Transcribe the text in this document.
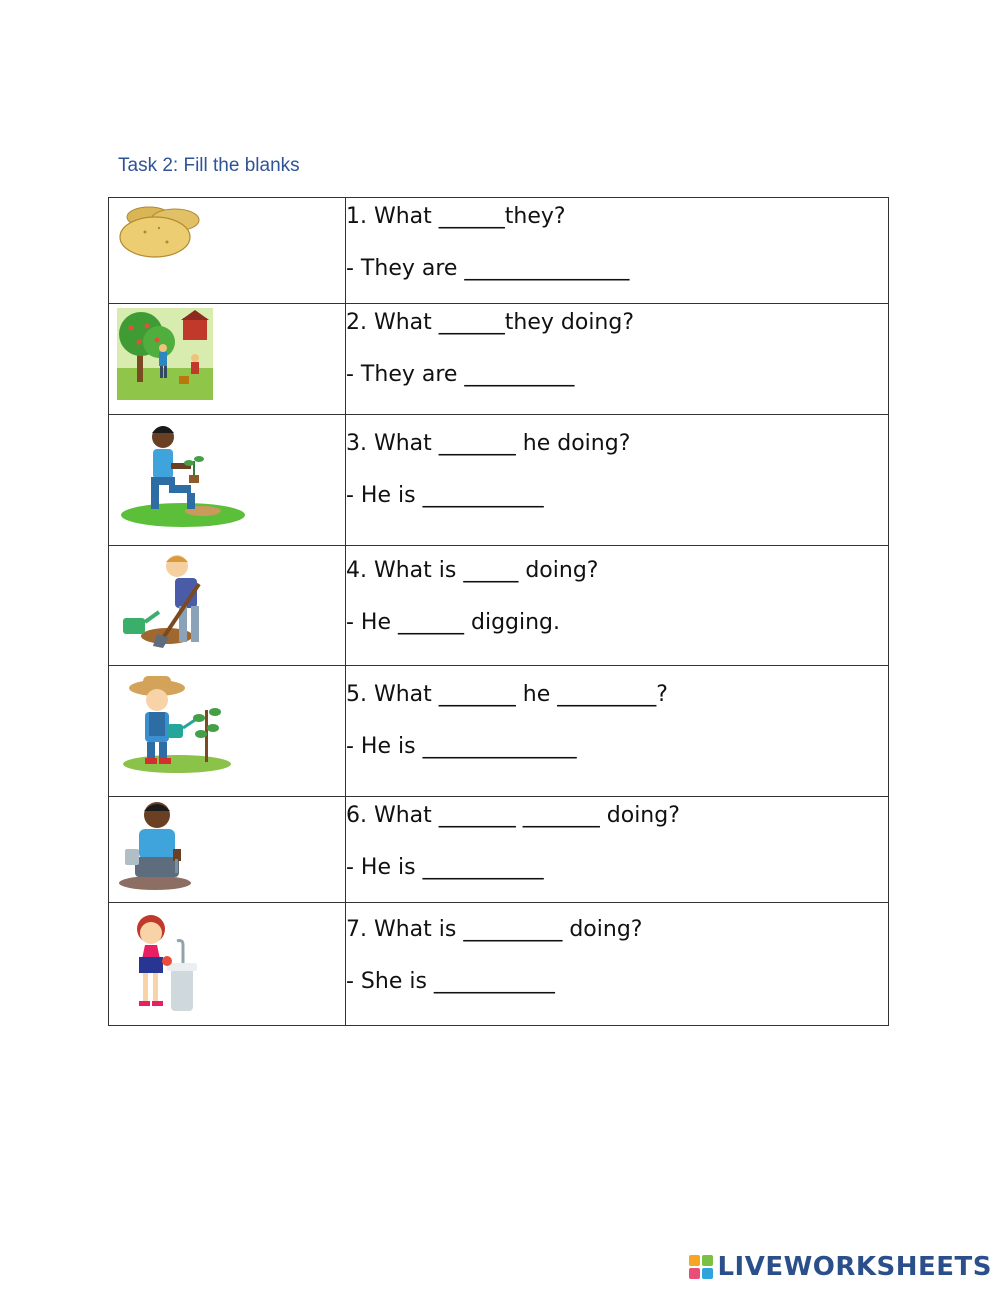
Task 2: Fill the blanks

1. What ______they?
- They are _______________

2. What ______they doing?
- They are __________

3. What _______ he doing?
- He is ___________

4. What is _____ doing?
- He ______ digging.

5. What _______ he _________?
- He is ______________

6. What _______ _______ doing?
- He is ___________

7. What is _________ doing?
- She is ___________
LIVEWORKSHEETS
